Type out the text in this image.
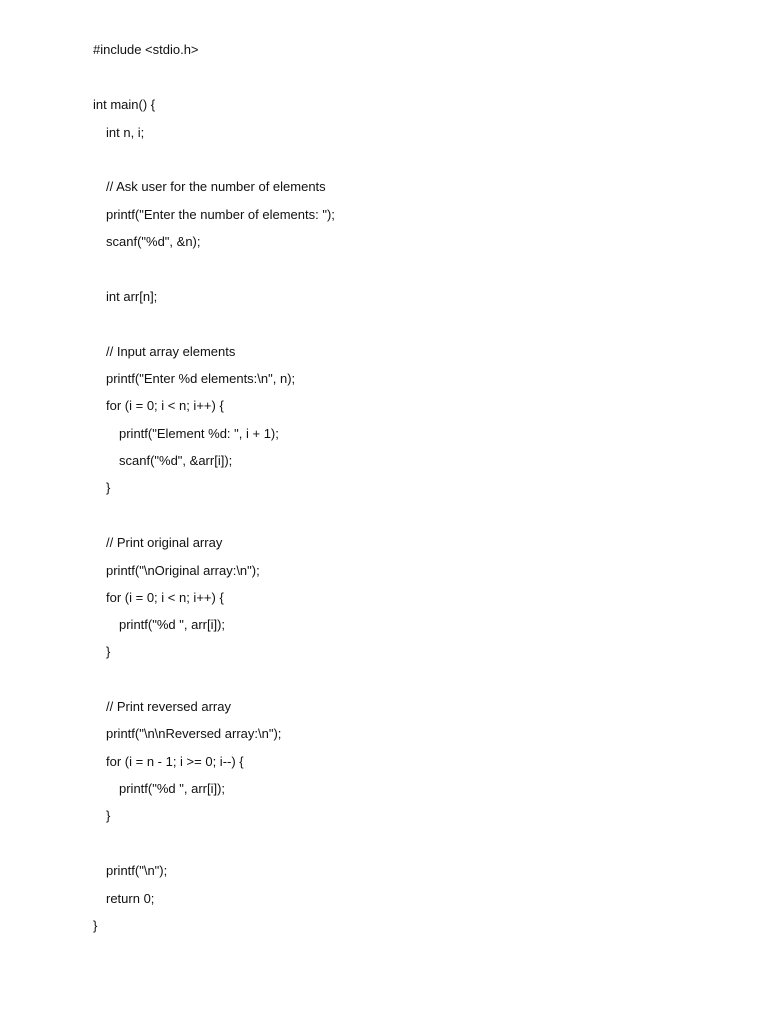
#include <stdio.h>
int main() {
int n, i;
// Ask user for the number of elements
printf("Enter the number of elements: ");
scanf("%d", &n);
int arr[n];
// Input array elements
printf("Enter %d elements:\n", n);
for (i = 0; i < n; i++) {
printf("Element %d: ", i + 1);
scanf("%d", &arr[i]);
}
// Print original array
printf("\nOriginal array:\n");
for (i = 0; i < n; i++) {
printf("%d ", arr[i]);
}
// Print reversed array
printf("\n\nReversed array:\n");
for (i = n - 1; i >= 0; i--) {
printf("%d ", arr[i]);
}
printf("\n");
return 0;
}
